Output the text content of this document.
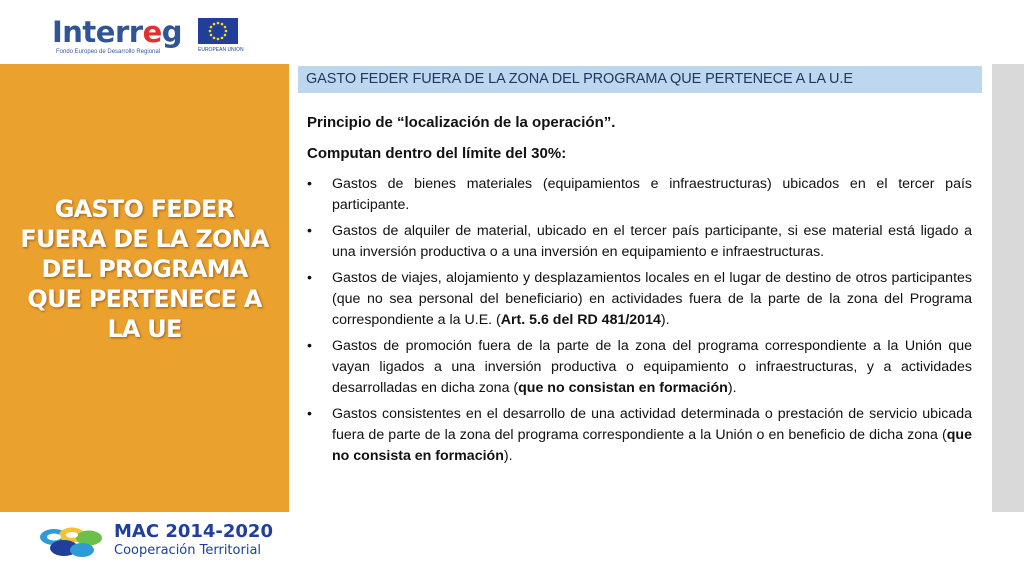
Interreg
Fondo Europeo de Desarrollo Regional	EUROPEAN UNION
GASTO FEDER FUERA DE LA ZONA DEL PROGRAMA QUE PERTENECE A LA UE
GASTO FEDER FUERA DE LA ZONA DEL PROGRAMA QUE PERTENECE A LA U.E

Principio de “localización de la operación”.

Computan dentro del límite del 30%:

• Gastos de bienes materiales (equipamientos e infraestructuras) ubicados en el tercer país participante.
• Gastos de alquiler de material, ubicado en el tercer país participante, si ese material está ligado a una inversión productiva o a una inversión en equipamiento e infraestructuras.
• Gastos de viajes, alojamiento y desplazamientos locales en el lugar de destino de otros participantes (que no sea personal del beneficiario) en actividades fuera de la parte de la zona del Programa correspondiente a la U.E. (Art. 5.6 del RD 481/2014).
• Gastos de promoción fuera de la parte de la zona del programa correspondiente a la Unión que vayan ligados a una inversión productiva o equipamiento o infraestructuras, y a actividades desarrolladas en dicha zona (que no consistan en formación).
• Gastos consistentes en el desarrollo de una actividad determinada o prestación de servicio ubicada fuera de parte de la zona del programa correspondiente a la Unión o en beneficio de dicha zona (que no consista en formación).
MAC 2014-2020
Cooperación Territorial
